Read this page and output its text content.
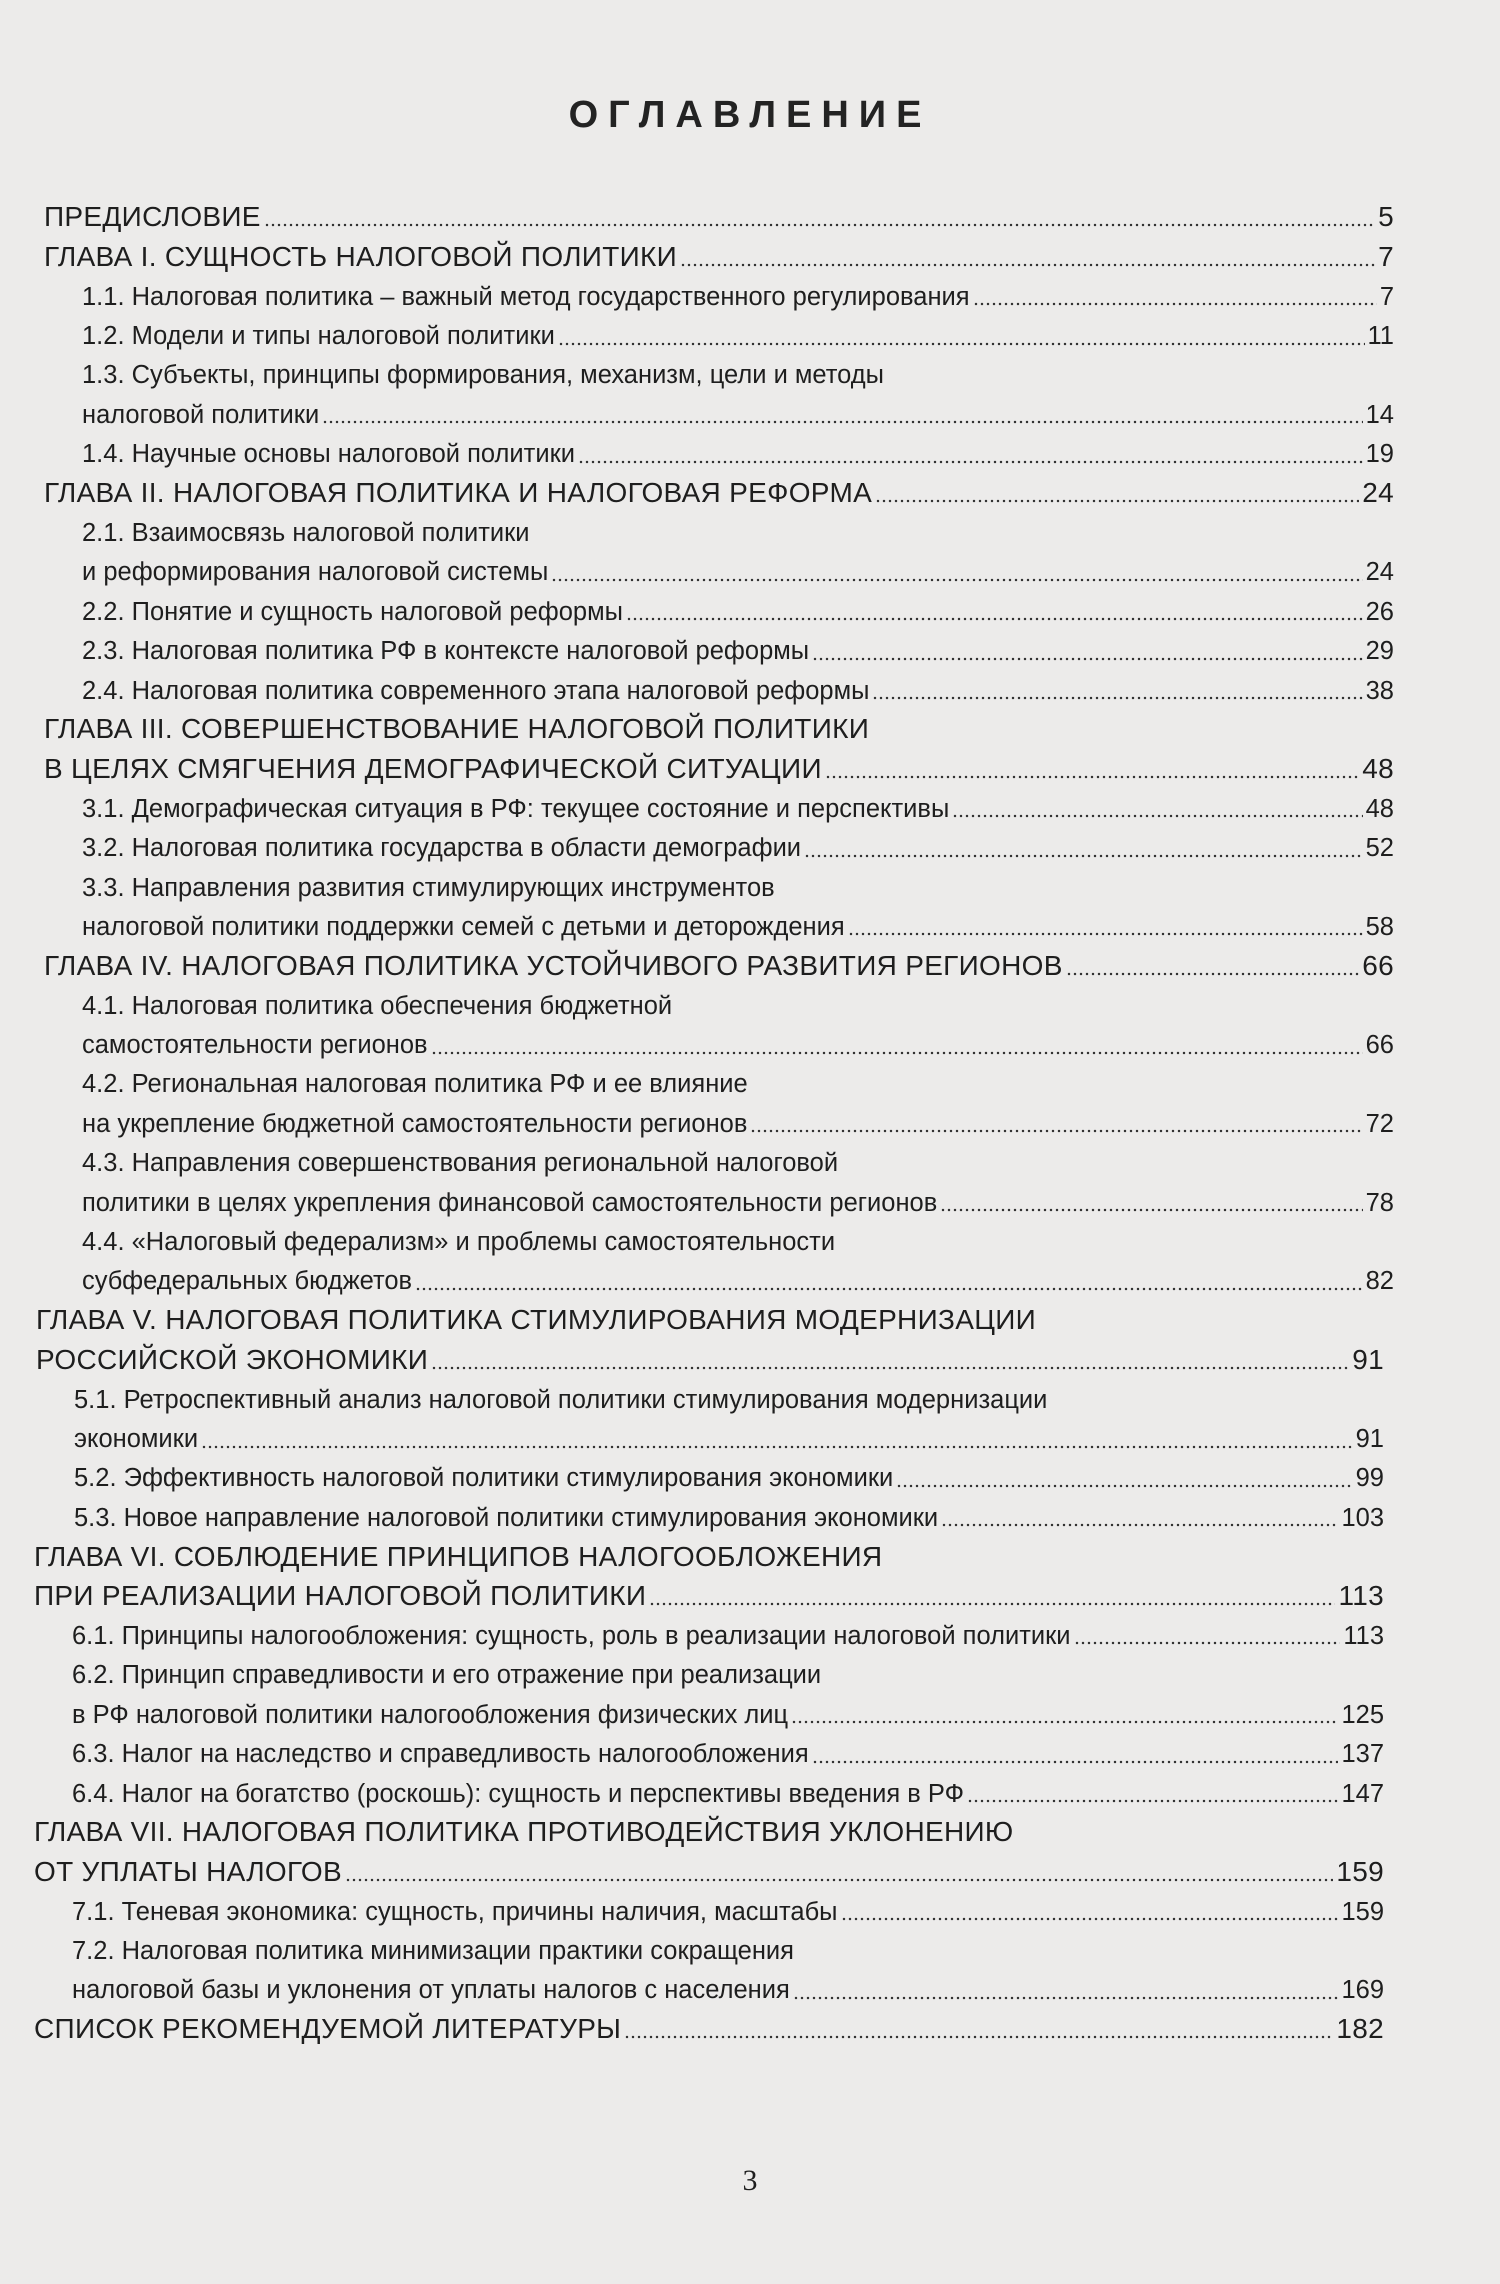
ОГЛАВЛЕНИЕ
ПРЕДИСЛОВИЕ	5
ГЛАВА I. СУЩНОСТЬ НАЛОГОВОЙ ПОЛИТИКИ	7
1.1. Налоговая политика – важный метод государственного регулирования	7
1.2. Модели и типы налоговой политики	11
1.3. Субъекты, принципы формирования, механизм, цели и методы
налоговой политики	14
1.4. Научные основы налоговой политики	19
ГЛАВА II. НАЛОГОВАЯ ПОЛИТИКА И НАЛОГОВАЯ РЕФОРМА	24
2.1. Взаимосвязь налоговой политики
и реформирования налоговой системы	24
2.2. Понятие и сущность налоговой реформы	26
2.3. Налоговая политика РФ в контексте налоговой реформы	29
2.4. Налоговая политика современного этапа налоговой реформы	38
ГЛАВА III. СОВЕРШЕНСТВОВАНИЕ НАЛОГОВОЙ ПОЛИТИКИ
В ЦЕЛЯХ СМЯГЧЕНИЯ ДЕМОГРАФИЧЕСКОЙ СИТУАЦИИ	48
3.1. Демографическая ситуация в РФ: текущее состояние и перспективы	48
3.2. Налоговая политика государства в области демографии	52
3.3. Направления развития стимулирующих инструментов
налоговой политики поддержки семей с детьми и деторождения	58
ГЛАВА IV. НАЛОГОВАЯ ПОЛИТИКА УСТОЙЧИВОГО РАЗВИТИЯ РЕГИОНОВ	66
4.1. Налоговая политика обеспечения бюджетной
самостоятельности регионов	66
4.2. Региональная налоговая политика РФ и ее влияние
на укрепление бюджетной самостоятельности регионов	72
4.3. Направления совершенствования региональной налоговой
политики в целях укрепления финансовой самостоятельности регионов	78
4.4. «Налоговый федерализм» и проблемы самостоятельности
субфедеральных бюджетов	82
ГЛАВА V. НАЛОГОВАЯ ПОЛИТИКА СТИМУЛИРОВАНИЯ МОДЕРНИЗАЦИИ
РОССИЙСКОЙ ЭКОНОМИКИ	91
5.1. Ретроспективный анализ налоговой политики стимулирования модернизации
экономики	91
5.2. Эффективность налоговой политики стимулирования экономики	99
5.3. Новое направление налоговой политики стимулирования экономики	103
ГЛАВА VI. СОБЛЮДЕНИЕ ПРИНЦИПОВ НАЛОГООБЛОЖЕНИЯ
ПРИ РЕАЛИЗАЦИИ НАЛОГОВОЙ ПОЛИТИКИ	113
6.1. Принципы налогообложения: сущность, роль в реализации налоговой политики	113
6.2. Принцип справедливости и его отражение при реализации
в РФ налоговой политики налогообложения физических лиц	125
6.3. Налог на наследство и справедливость налогообложения	137
6.4. Налог на богатство (роскошь): сущность и перспективы введения в РФ	147
ГЛАВА VII. НАЛОГОВАЯ ПОЛИТИКА ПРОТИВОДЕЙСТВИЯ УКЛОНЕНИЮ
ОТ УПЛАТЫ НАЛОГОВ	159
7.1. Теневая экономика: сущность, причины наличия, масштабы	159
7.2. Налоговая политика минимизации практики сокращения
налоговой базы и уклонения от уплаты налогов с населения	169
СПИСОК РЕКОМЕНДУЕМОЙ ЛИТЕРАТУРЫ	182
3
